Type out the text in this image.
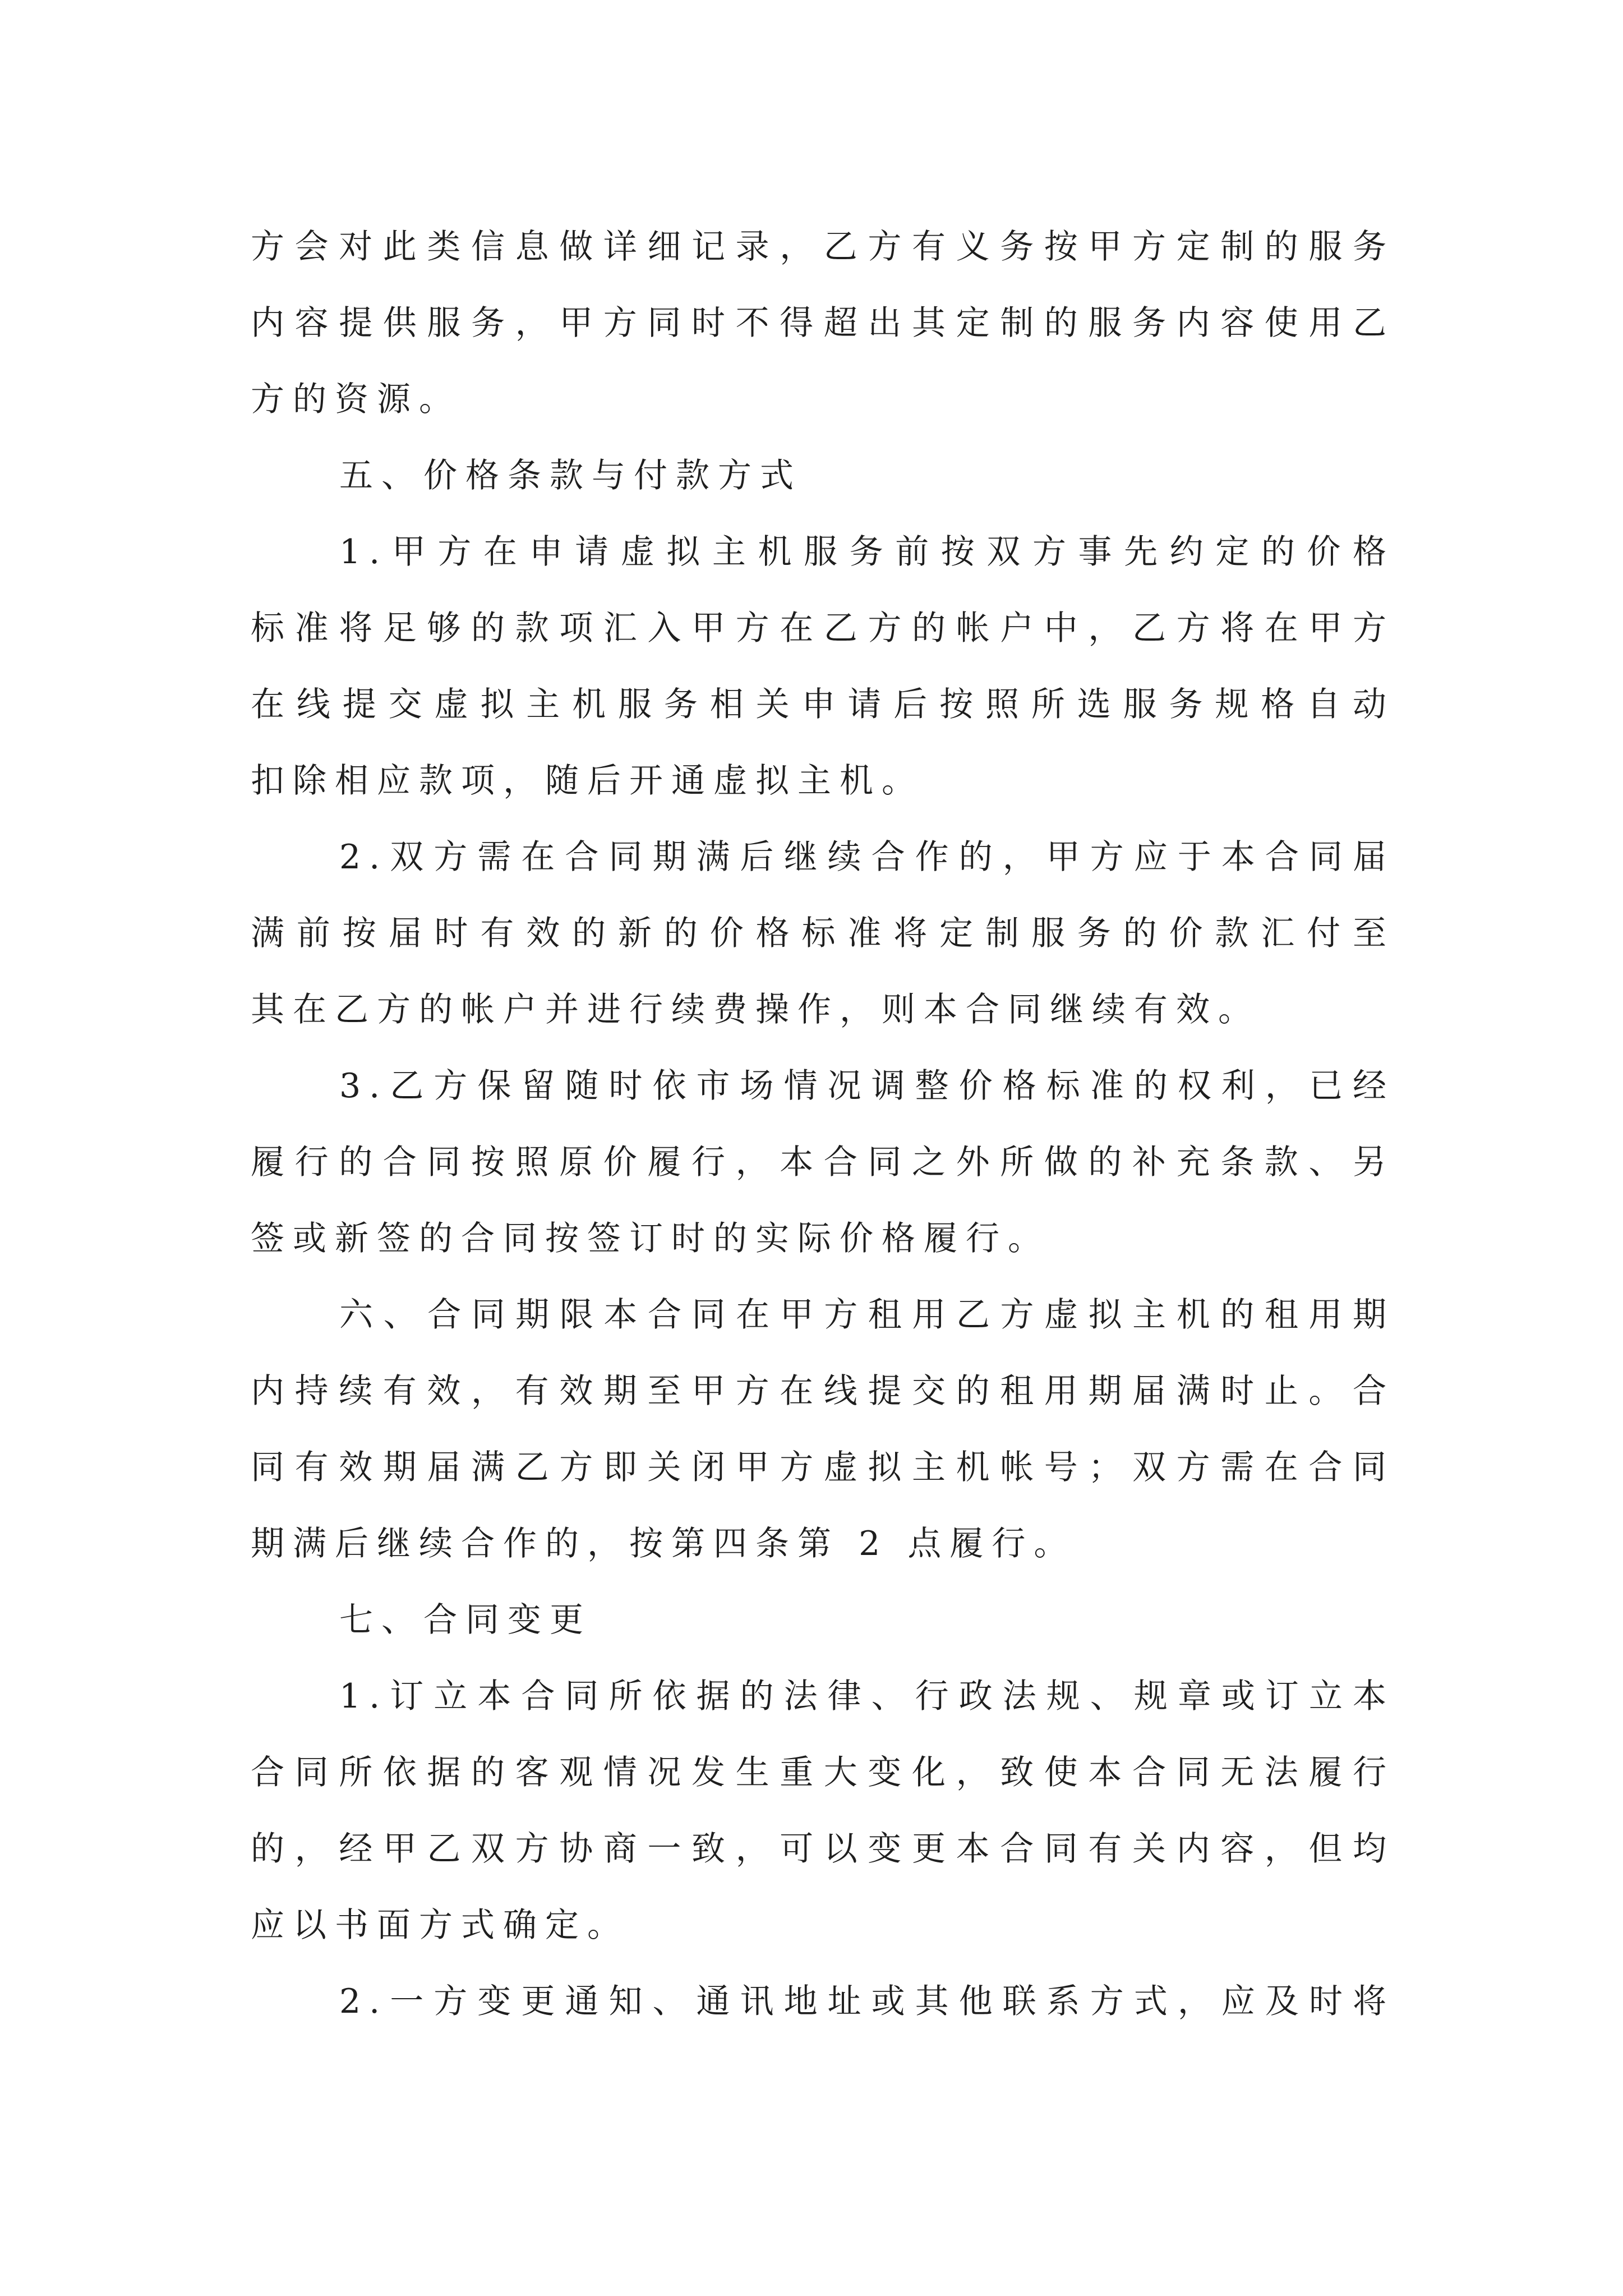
方会对此类信息做详细记录，乙方有义务按甲方定制的服务
内容提供服务，甲方同时不得超出其定制的服务内容使用乙
方的资源。
五、价格条款与付款方式
1.甲方在申请虚拟主机服务前按双方事先约定的价格
标准将足够的款项汇入甲方在乙方的帐户中，乙方将在甲方
在线提交虚拟主机服务相关申请后按照所选服务规格自动
扣除相应款项，随后开通虚拟主机。
2.双方需在合同期满后继续合作的，甲方应于本合同届
满前按届时有效的新的价格标准将定制服务的价款汇付至
其在乙方的帐户并进行续费操作，则本合同继续有效。
3.乙方保留随时依市场情况调整价格标准的权利，已经
履行的合同按照原价履行，本合同之外所做的补充条款、另
签或新签的合同按签订时的实际价格履行。
六、合同期限本合同在甲方租用乙方虚拟主机的租用期
内持续有效，有效期至甲方在线提交的租用期届满时止。合
同有效期届满乙方即关闭甲方虚拟主机帐号；双方需在合同
期满后继续合作的，按第四条第 2 点履行。
七、合同变更
1.订立本合同所依据的法律、行政法规、规章或订立本
合同所依据的客观情况发生重大变化，致使本合同无法履行
的，经甲乙双方协商一致，可以变更本合同有关内容，但均
应以书面方式确定。
2.一方变更通知、通讯地址或其他联系方式，应及时将
